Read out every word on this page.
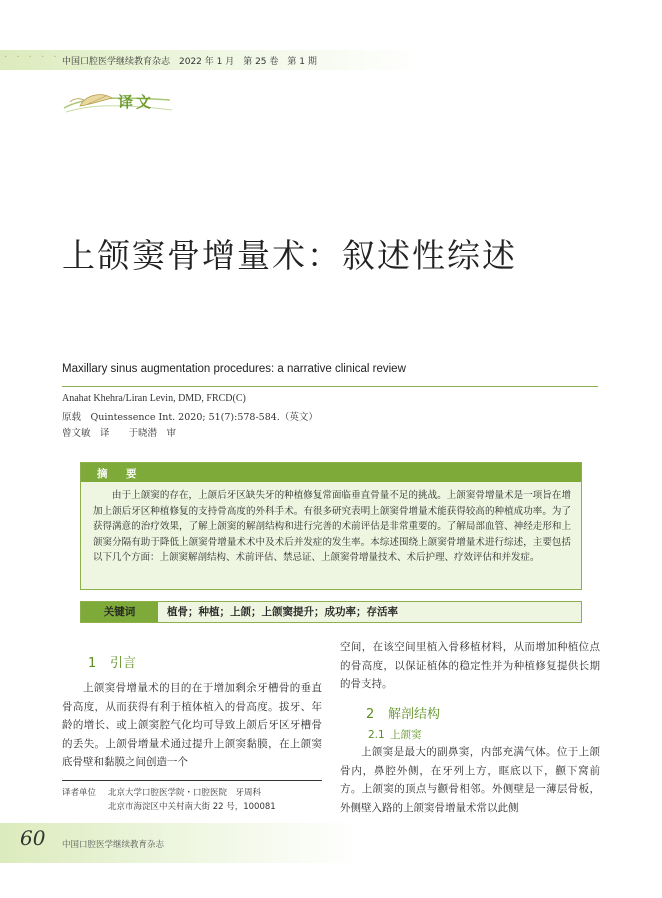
· · · · · 中国口腔医学继续教育杂志　2022 年 1 月　第 25 卷　第 1 期
译文
上颌窦骨增量术：叙述性综述
Maxillary sinus augmentation procedures: a narrative clinical review
Anahat Khehra/Liran Levin, DMD, FRCD(C)
原载　Quintessence Int. 2020; 51(7):578-584.（英文）
曾文敏　译　　于晓潜　审
摘　要
由于上颌窦的存在，上颌后牙区缺失牙的种植修复常面临垂直骨量不足的挑战。上颌窦骨增量术是一项旨在增加上颌后牙区种植修复的支持骨高度的外科手术。有很多研究表明上颌窦骨增量术能获得较高的种植成功率。为了获得满意的治疗效果，了解上颌窦的解剖结构和进行完善的术前评估是非常重要的。了解局部血管、神经走形和上颌窦分隔有助于降低上颌窦骨增量术术中及术后并发症的发生率。本综述围绕上颌窦骨增量术进行综述，主要包括以下几个方面：上颌窦解剖结构、术前评估、禁忌证、上颌窦骨增量技术、术后护理、疗效评估和并发症。
关键词	植骨；种植；上颌；上颌窦提升；成功率；存活率
1 引言
上颌窦骨增量术的目的在于增加剩余牙槽骨的垂直骨高度，从而获得有利于植体植入的骨高度。拔牙、年龄的增长、或上颌窦腔气化均可导致上颌后牙区牙槽骨的丢失。上颌骨增量术通过提升上颌窦黏膜，在上颌窦底骨壁和黏膜之间创造一个
译者单位 北京大学口腔医学院・口腔医院　牙周科
北京市海淀区中关村南大街 22 号，100081
空间，在该空间里植入骨移植材料，从而增加种植位点的骨高度，以保证植体的稳定性并为种植修复提供长期的骨支持。
2 解剖结构
2.1 上颌窦
上颌窦是最大的副鼻窦，内部充满气体。位于上颌骨内，鼻腔外侧，在牙列上方，眶底以下，颧下窝前方。上颌窦的顶点与颧骨相邻。外侧壁是一薄层骨板，外侧壁入路的上颌窦骨增量术常以此侧
60 中国口腔医学继续教育杂志
